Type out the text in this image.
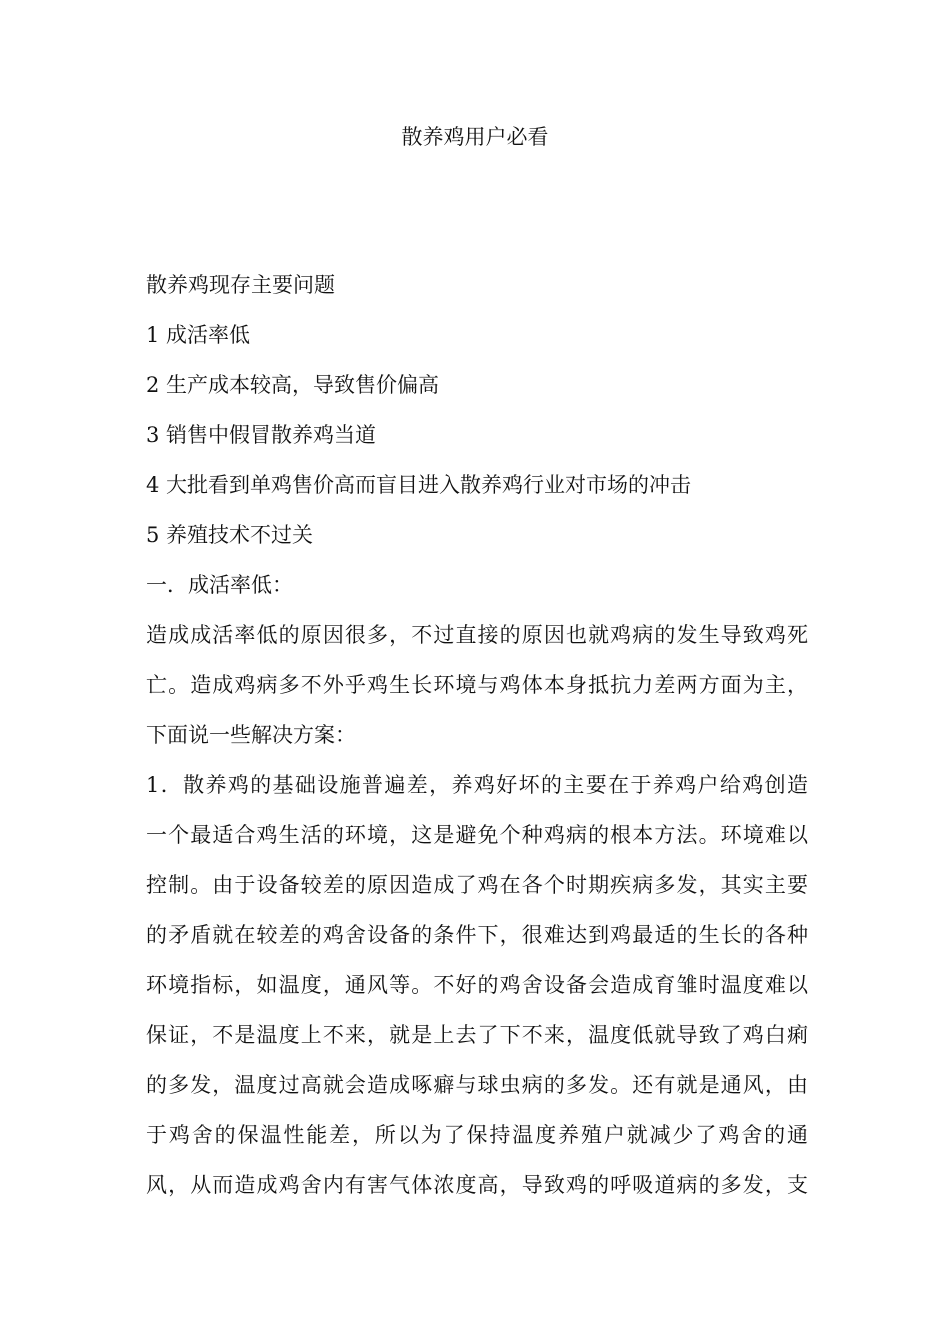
散养鸡用户必看
散养鸡现存主要问题
1 成活率低
2 生产成本较高，导致售价偏高
3 销售中假冒散养鸡当道
4 大批看到单鸡售价高而盲目进入散养鸡行业对市场的冲击
5 养殖技术不过关
一．成活率低：
造成成活率低的原因很多，不过直接的原因也就鸡病的发生导致鸡死
亡。造成鸡病多不外乎鸡生长环境与鸡体本身抵抗力差两方面为主，
下面说一些解决方案：
1．散养鸡的基础设施普遍差，养鸡好坏的主要在于养鸡户给鸡创造
一个最适合鸡生活的环境，这是避免个种鸡病的根本方法。环境难以
控制。由于设备较差的原因造成了鸡在各个时期疾病多发，其实主要
的矛盾就在较差的鸡舍设备的条件下，很难达到鸡最适的生长的各种
环境指标，如温度，通风等。不好的鸡舍设备会造成育雏时温度难以
保证，不是温度上不来，就是上去了下不来，温度低就导致了鸡白痢
的多发，温度过高就会造成啄癖与球虫病的多发。还有就是通风，由
于鸡舍的保温性能差，所以为了保持温度养殖户就减少了鸡舍的通
风，从而造成鸡舍内有害气体浓度高，导致鸡的呼吸道病的多发，支
